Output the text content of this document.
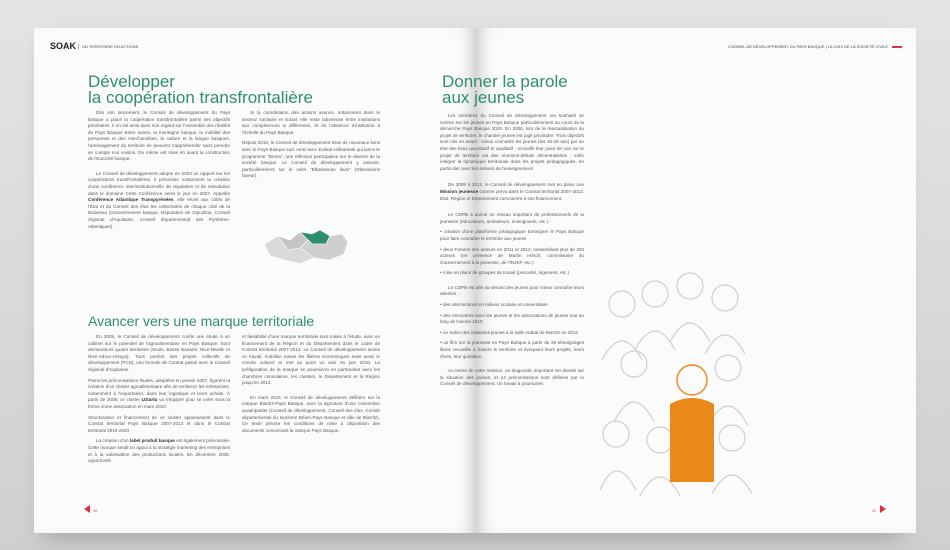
SOAK	UN TERRITOIRE EN ACTIONS
Développer
la coopération transfrontalière

Dès son lancement, le Conseil de développement du Pays Basque a placé la coopération transfrontalière parmi ses objectifs prioritaires. Il en est ainsi dans son regard sur l'ensemble des réalités du Pays Basque Entre autres, la montagne basque, la mobilité des personnes et des marchandises, la culture et la langue basques, l'aménagement du territoire ne peuvent s'appréhender sans prendre en compte nos voisins. De même est mise en avant la construction de l'Eurocité basque.

Le Conseil de développement adopte en 2003 un rapport sur les coopérations transfrontalières. Il préconise notamment la création d'une conférence interinstitutionnelle de régulation et de stimulation dans le domaine Cette Conférence verra le jour en 2007. Appelée Conférence Atlantique Transpyrénées, elle réunit aux côtés de l'État et du Conseil des élus les collectivités de chaque côté de la Bidassoa (Gouvernement basque, Députation de Gipuzkoa, Conseil régional d'Aquitaine, Conseil départemental des Pyrénées-Atlantiques).

Si la coordination des actions avance, notamment dans le secteur sanitaire et social, elle reste laborieuse entre institutions aux compétences si différentes, et en l'absence d'institution à l'échelle du Pays Basque.

Depuis 2015, le Conseil de développement tisse de nouveaux liens avec le Pays Basque sud. Ainsi avec Euskal Hirikarteak qui lance le programme "Dema", une réflexion participative sur le devenir de la société basque. Le Conseil de développement y associe, particulièrement sur le volet "Elkarlanean ikusi" (Obsessions faveur).

Avancer vers une marque territoriale

En 2005, le Conseil de développement confie une étude à un cabinet sur le potentiel de l'agroalimentaire en Pays Basque. Sont demandeurs quatre territoires (Soule, Basse Navarre, Nive-Nivelle et Nive-Adour-Ursuya). Tous portent des projets collectifs de développement (PCD), une formule de Contrat passé avec le Conseil régional d'Aquitaine.

Parmi les préconisations finales, adoptées en janvier 2007, figurent la création d'un cluster agroalimentaire afin de renforcer les entreprises, notamment à l'exportation, dans leur logistique et leurs achats. À partir de 2008, ce cluster Uztartu va s'équiper pour se créer sous la forme d'une association en mars 2010.

Structuration et financement de ce cluster apparaissent dans le Contrat territorial Pays Basque 2007-2013 et dans le Contrat territorial 2016-2020.

La création d'un label produit basque est également préconisée. Cette marque serait un appui à la stratégie marketing des entreprises et à la valorisation des productions locales. En décembre 2008, opportunité

et faisabilité d'une marque territoriale sont mises à l'étude, avec un financement de la Région et du Département dans le cadre de Contrat territorial 2007-2013. Le Conseil de développement anime ce travail, mobilise toutes les filières économiques mais aussi le monde culturel et met au point un avis en juin 2010. La préfiguration de la marque se poursuivra en partenariat avec les chambres consulaires, les clusters, le Département et la Région jusqu'en 2013.

En mars 2016, le Conseil de développement délibère sur la marque Biarritz-Pays Basque, avec la signature d'une convention quadripartite (Conseil de développement, Conseil des élus, Comité départemental du tourisme Béarn-Pays Basque et ville de Biarritz). Ce texte précise les conditions de mise à disposition des documents concernant la marque Pays Basque.

10
CONSEIL DE DÉVELOPPEMENT DU PAYS BASQUE | LA VOIX DE LA SOCIÉTÉ CIVILE
Donner la parole
aux jeunes

Les membres du Conseil de développement ont souhaité se centrer sur les jeunes en Pays Basque particulièrement au cours de la démarche Pays Basque 2020. En 2006, lors de la réactualisation du projet de territoire, le chantier jeunes est jugé prioritaire. Trois objectifs sont mis en avant : mieux connaître les jeunes (les 16-29 ans) par un état des lieux quantitatif et qualitatif ; recueillir leur point de vue sur le projet de territoire via des réunions-débats décentralisées ; enfin intégrer la dynamique territoriale dans les projets pédagogiques, en particulier avec les acteurs de l'enseignement.

De 2009 à 2012, le Conseil de développement met en place une Mission jeunesse comme prévu dans le Contrat territorial 2007-2013. État, Région et Département concourent à son financement.

Le CDPB a animé un réseau important de professionnels de la jeunesse (éducateurs, animateurs, enseignants, etc.) :

• création d'une plateforme pédagogique Enseigner le Pays Basque pour faire connaître le territoire aux jeunes

• deux Forums des acteurs en 2011 et 2012, rassemblant plus de 200 acteurs (en présence de Martin Hirsch, commissaire du Gouvernement à la jeunesse, de l'INJEP, etc.)

• mise en place de groupes de travail (précarité, logement, etc.)

Le CDPB est allé au-devant des jeunes pour mieux connaître leurs attentes :

• des interventions en milieux scolaire et universitaire

• des rencontres avec les jeunes et les associations de jeunes tout au long de l'année 2010

• un Salon des initiatives jeunes à la salle Atabal de Biarritz en 2012

• un film sur la jeunesse en Pays Basque à partir de 29 témoignages libres recueillis à travers le territoire et évoquant leurs projets, leurs rêves, leur quotidien.

Au terme de cette mission, un diagnostic important est dressé sur la situation des jeunes, et 14 préconisations sont définies par le Conseil de développement. Un travail à poursuivre.

11
